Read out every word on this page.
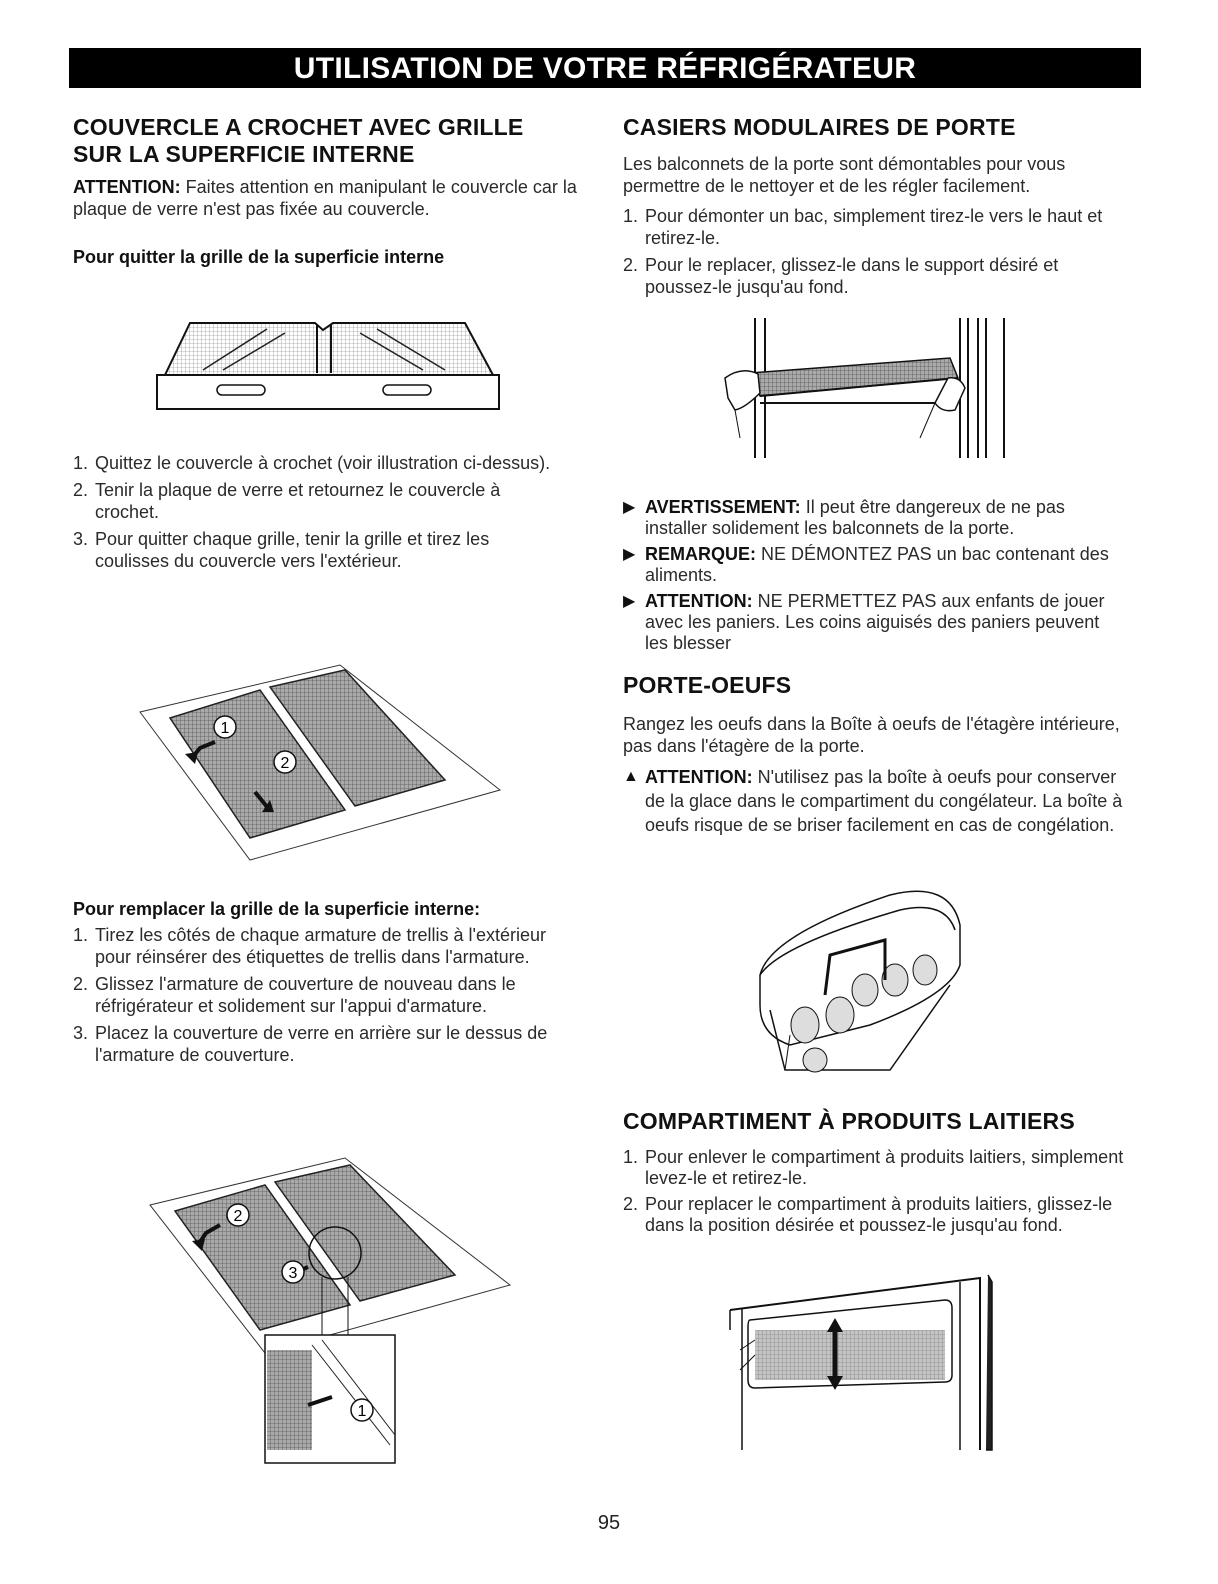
UTILISATION DE VOTRE RÉFRIGÉRATEUR

COUVERCLE A CROCHET AVEC GRILLE

SUR LA SUPERFICIE INTERNE

ATTENTION: Faites attention en manipulant le couvercle car la plaque de verre n'est pas fixée au couvercle.

Pour quitter la grille de la superficie interne

1. Quittez le couvercle à crochet (voir illustration ci-dessus).
2. Tenir la plaque de verre et retournez le couvercle à crochet.
3. Pour quitter chaque grille, tenir la grille et tirez les coulisses du couvercle vers l'extérieur.
1
2

Pour remplacer la grille de la superficie interne:

1. Tirez les côtés de chaque armature de trellis à l'extérieur pour réinsérer des étiquettes de trellis dans l'armature.
2. Glissez l'armature de couverture de nouveau dans le réfrigérateur et solidement sur l'appui d'armature.
3. Placez la couverture de verre en arrière sur le dessus de l'armature de couverture.
2
3
1

CASIERS MODULAIRES DE PORTE

Les balconnets de la porte sont démontables pour vous permettre de le nettoyer et de les régler facilement.

1. Pour démonter un bac, simplement tirez-le vers le haut et retirez-le.
2. Pour le replacer, glissez-le dans le support désiré et poussez-le jusqu'au fond.
▶ AVERTISSEMENT: Il peut être dangereux de ne pas installer solidement les balconnets de la porte.
▶ REMARQUE: NE DÉMONTEZ PAS un bac contenant des aliments.
▶ ATTENTION: NE PERMETTEZ PAS aux enfants de jouer avec les paniers. Les coins aiguisés des paniers peuvent les blesser

PORTE-OEUFS

Rangez les oeufs dans la Boîte à oeufs de l'étagère intérieure, pas dans l'étagère de la porte.

▲ ATTENTION: N'utilisez pas la boîte à oeufs pour conserver de la glace dans le compartiment du congélateur. La boîte à oeufs risque de se briser facilement en cas de congélation.

COMPARTIMENT À PRODUITS LAITIERS

1. Pour enlever le compartiment à produits laitiers, simplement levez-le et retirez-le.
2. Pour replacer le compartiment à produits laitiers, glissez-le dans la position désirée et poussez-le jusqu'au fond.
95
